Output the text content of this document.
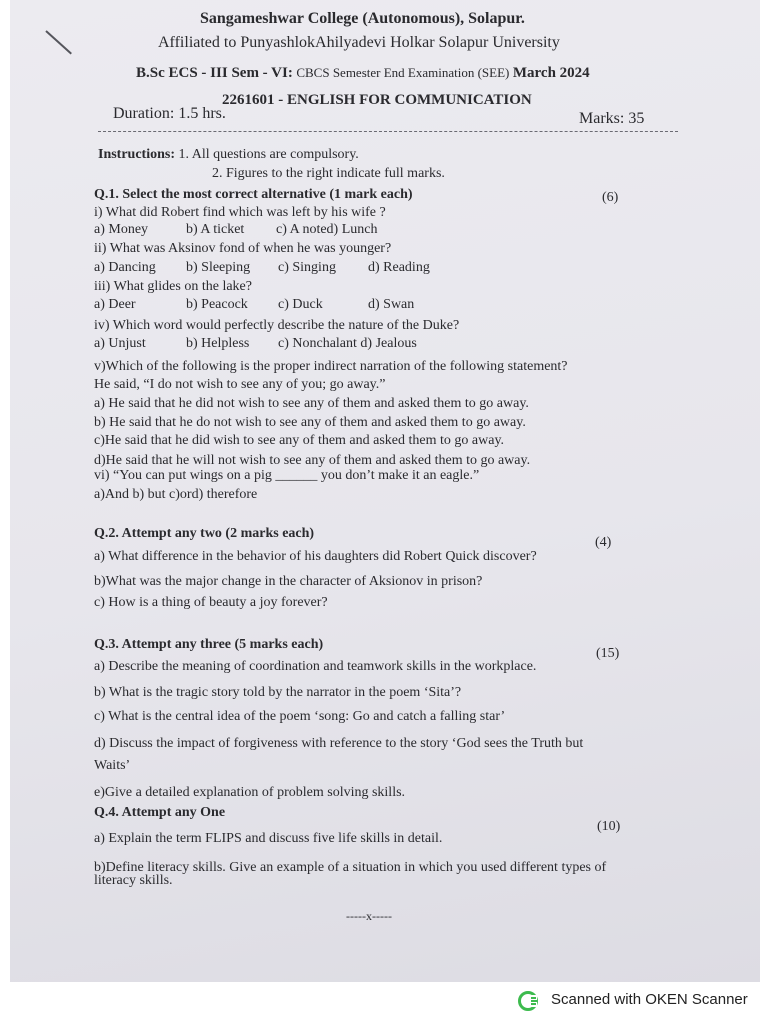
Sangameshwar College (Autonomous), Solapur.
Affiliated to PunyashlokAhilyadevi Holkar Solapur University
B.Sc ECS - III Sem - VI: CBCS Semester End Examination (SEE) March 2024
2261601 - ENGLISH FOR COMMUNICATION
Duration: 1.5 hrs.	Marks: 35
Instructions: 1. All questions are compulsory.
2. Figures to the right indicate full marks.
Q.1. Select the most correct alternative (1 mark each)	(6)
i) What did Robert find which was left by his wife ?
a) Money	b) A ticket c) A noted) Lunch
ii) What was Aksinov fond of when he was younger?
a) Dancing b) Sleeping c) Singing d) Reading
iii) What glides on the lake?
a) Deer	b) Peacock c) Duck	d) Swan
iv) Which word would perfectly describe the nature of the Duke?
a) Unjust	b) Helpless c) Nonchalant d) Jealous
v)Which of the following is the proper indirect narration of the following statement?
He said, “I do not wish to see any of you; go away.”
a) He said that he did not wish to see any of them and asked them to go away.
b) He said that he do not wish to see any of them and asked them to go away.
c)He said that he did wish to see any of them and asked them to go away.
d)He said that he will not wish to see any of them and asked them to go away.
vi) “You can put wings on a pig ______ you don’t make it an eagle.”
a)And b) but c)ord) therefore
Q.2. Attempt any two (2 marks each)
(4)
a) What difference in the behavior of his daughters did Robert Quick discover?
b)What was the major change in the character of Aksionov in prison?
c) How is a thing of beauty a joy forever?
Q.3. Attempt any three (5 marks each)
(15)
a) Describe the meaning of coordination and teamwork skills in the workplace.
b) What is the tragic story told by the narrator in the poem ‘Sita’?
c) What is the central idea of the poem ‘song: Go and catch a falling star’
d) Discuss the impact of forgiveness with reference to the story ‘God sees the Truth but
Waits’
e)Give a detailed explanation of problem solving skills.
Q.4. Attempt any One
(10)
a) Explain the term FLIPS and discuss five life skills in detail.
b)Define literacy skills. Give an example of a situation in which you used different types of
literacy skills.
-----x-----
Scanned with OKEN Scanner
